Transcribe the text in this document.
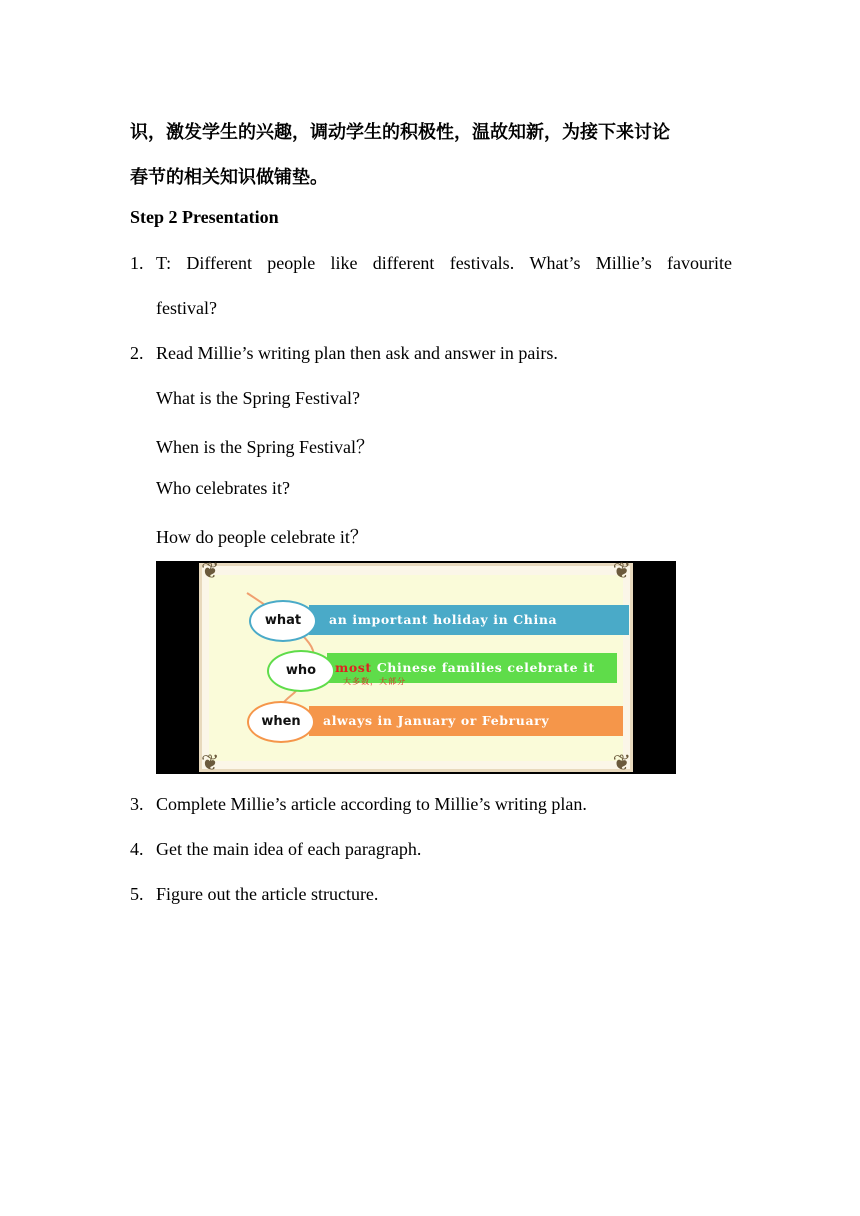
识，激发学生的兴趣，调动学生的积极性，温故知新，为接下来讨论
春节的相关知识做铺垫。
Step 2 Presentation
1. T: Different people like different festivals. What’s Millie’s favourite
festival?
2. Read Millie’s writing plan then ask and answer in pairs.
What is the Spring Festival?
When is the Spring Festival？
Who celebrates it?
How do people celebrate it？
❦	❦
❦	❦
an important holiday in China
what
most Chinese families celebrate it
大多数，大部分
who
always in January or February
when
3. Complete Millie’s article according to Millie’s writing plan.
4. Get the main idea of each paragraph.
5. Figure out the article structure.
